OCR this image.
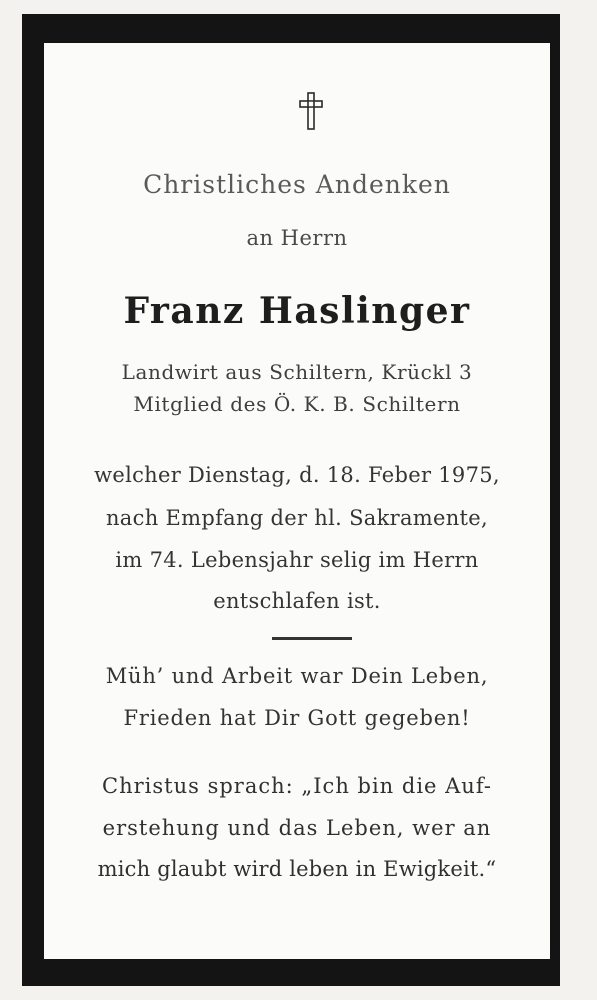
Christliches Andenken
an Herrn
Franz Haslinger
Landwirt aus Schiltern, Krückl 3
Mitglied des Ö. K. B. Schiltern
welcher Dienstag, d. 18. Feber 1975,
nach Empfang der hl. Sakramente,
im 74. Lebensjahr selig im Herrn
entschlafen ist.
Müh’ und Arbeit war Dein Leben,
Frieden hat Dir Gott gegeben!
Christus sprach: „Ich bin die Auf-
erstehung und das Leben, wer an
mich glaubt wird leben in Ewigkeit.“
